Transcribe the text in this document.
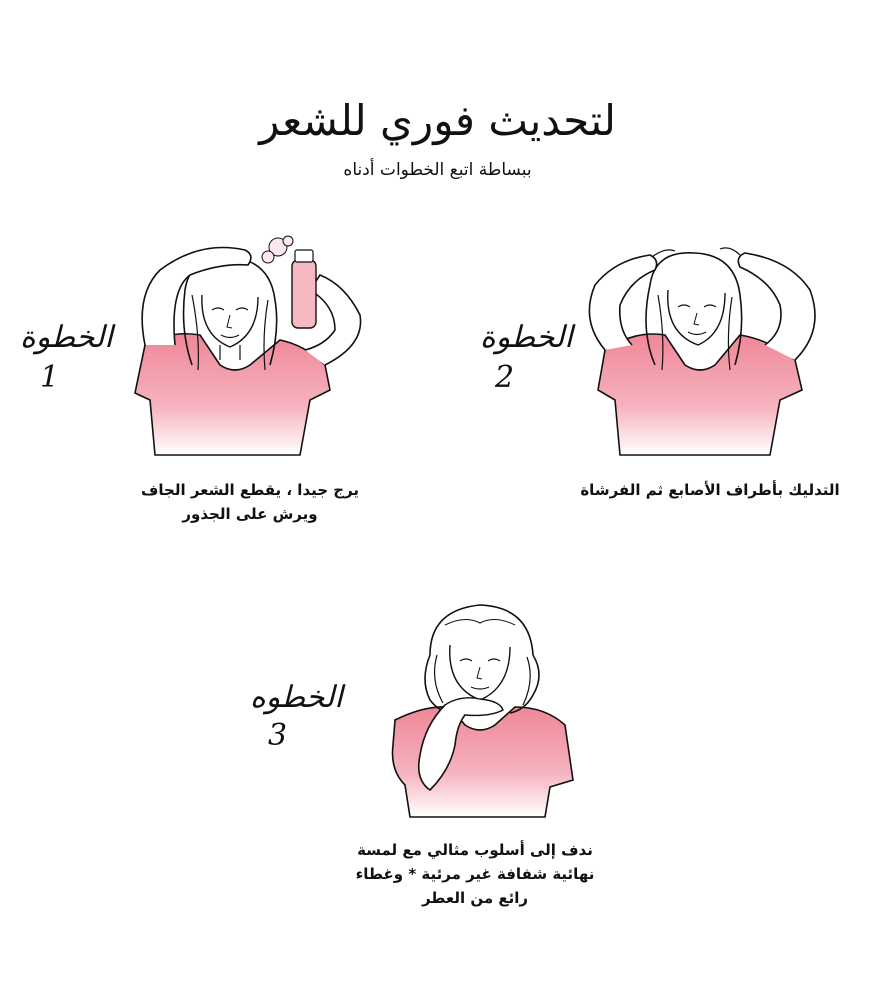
لتحديث فوري للشعر
ببساطة اتبع الخطوات أدناه
الخطوة
1
يرج جيدا ، يقطع الشعر الجاف
ويرش على الجذور
الخطوة
2
التدليك بأطراف الأصابع ثم الفرشاة
الخطوه
3
ندف إلى أسلوب مثالي مع لمسة
نهائية شفافة غير مرئية * وغطاء
رائع من العطر
